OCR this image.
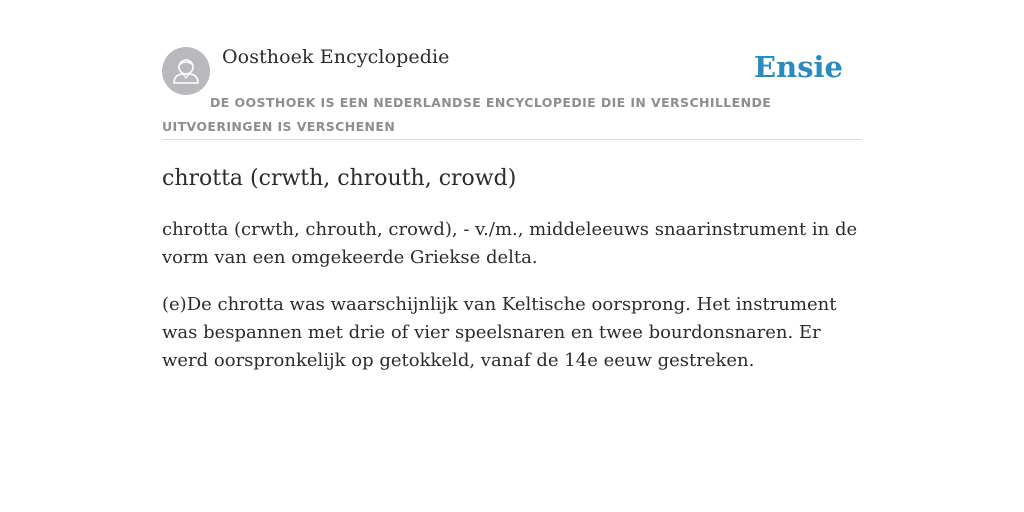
Oosthoek Encyclopedie	Ensie
DE OOSTHOEK IS EEN NEDERLANDSE ENCYCLOPEDIE DIE IN VERSCHILLENDE UITVOERINGEN IS VERSCHENEN
chrotta (crwth, chrouth, crowd)

chrotta (crwth, chrouth, crowd), - v./m., middeleeuws snaarinstrument in de vorm van een omgekeerde Griekse delta.

(e)De chrotta was waarschijnlijk van Keltische oorsprong. Het instrument was bespannen met drie of vier speelsnaren en twee bourdonsnaren. Er werd oorspronkelijk op getokkeld, vanaf de 14e eeuw gestreken.
